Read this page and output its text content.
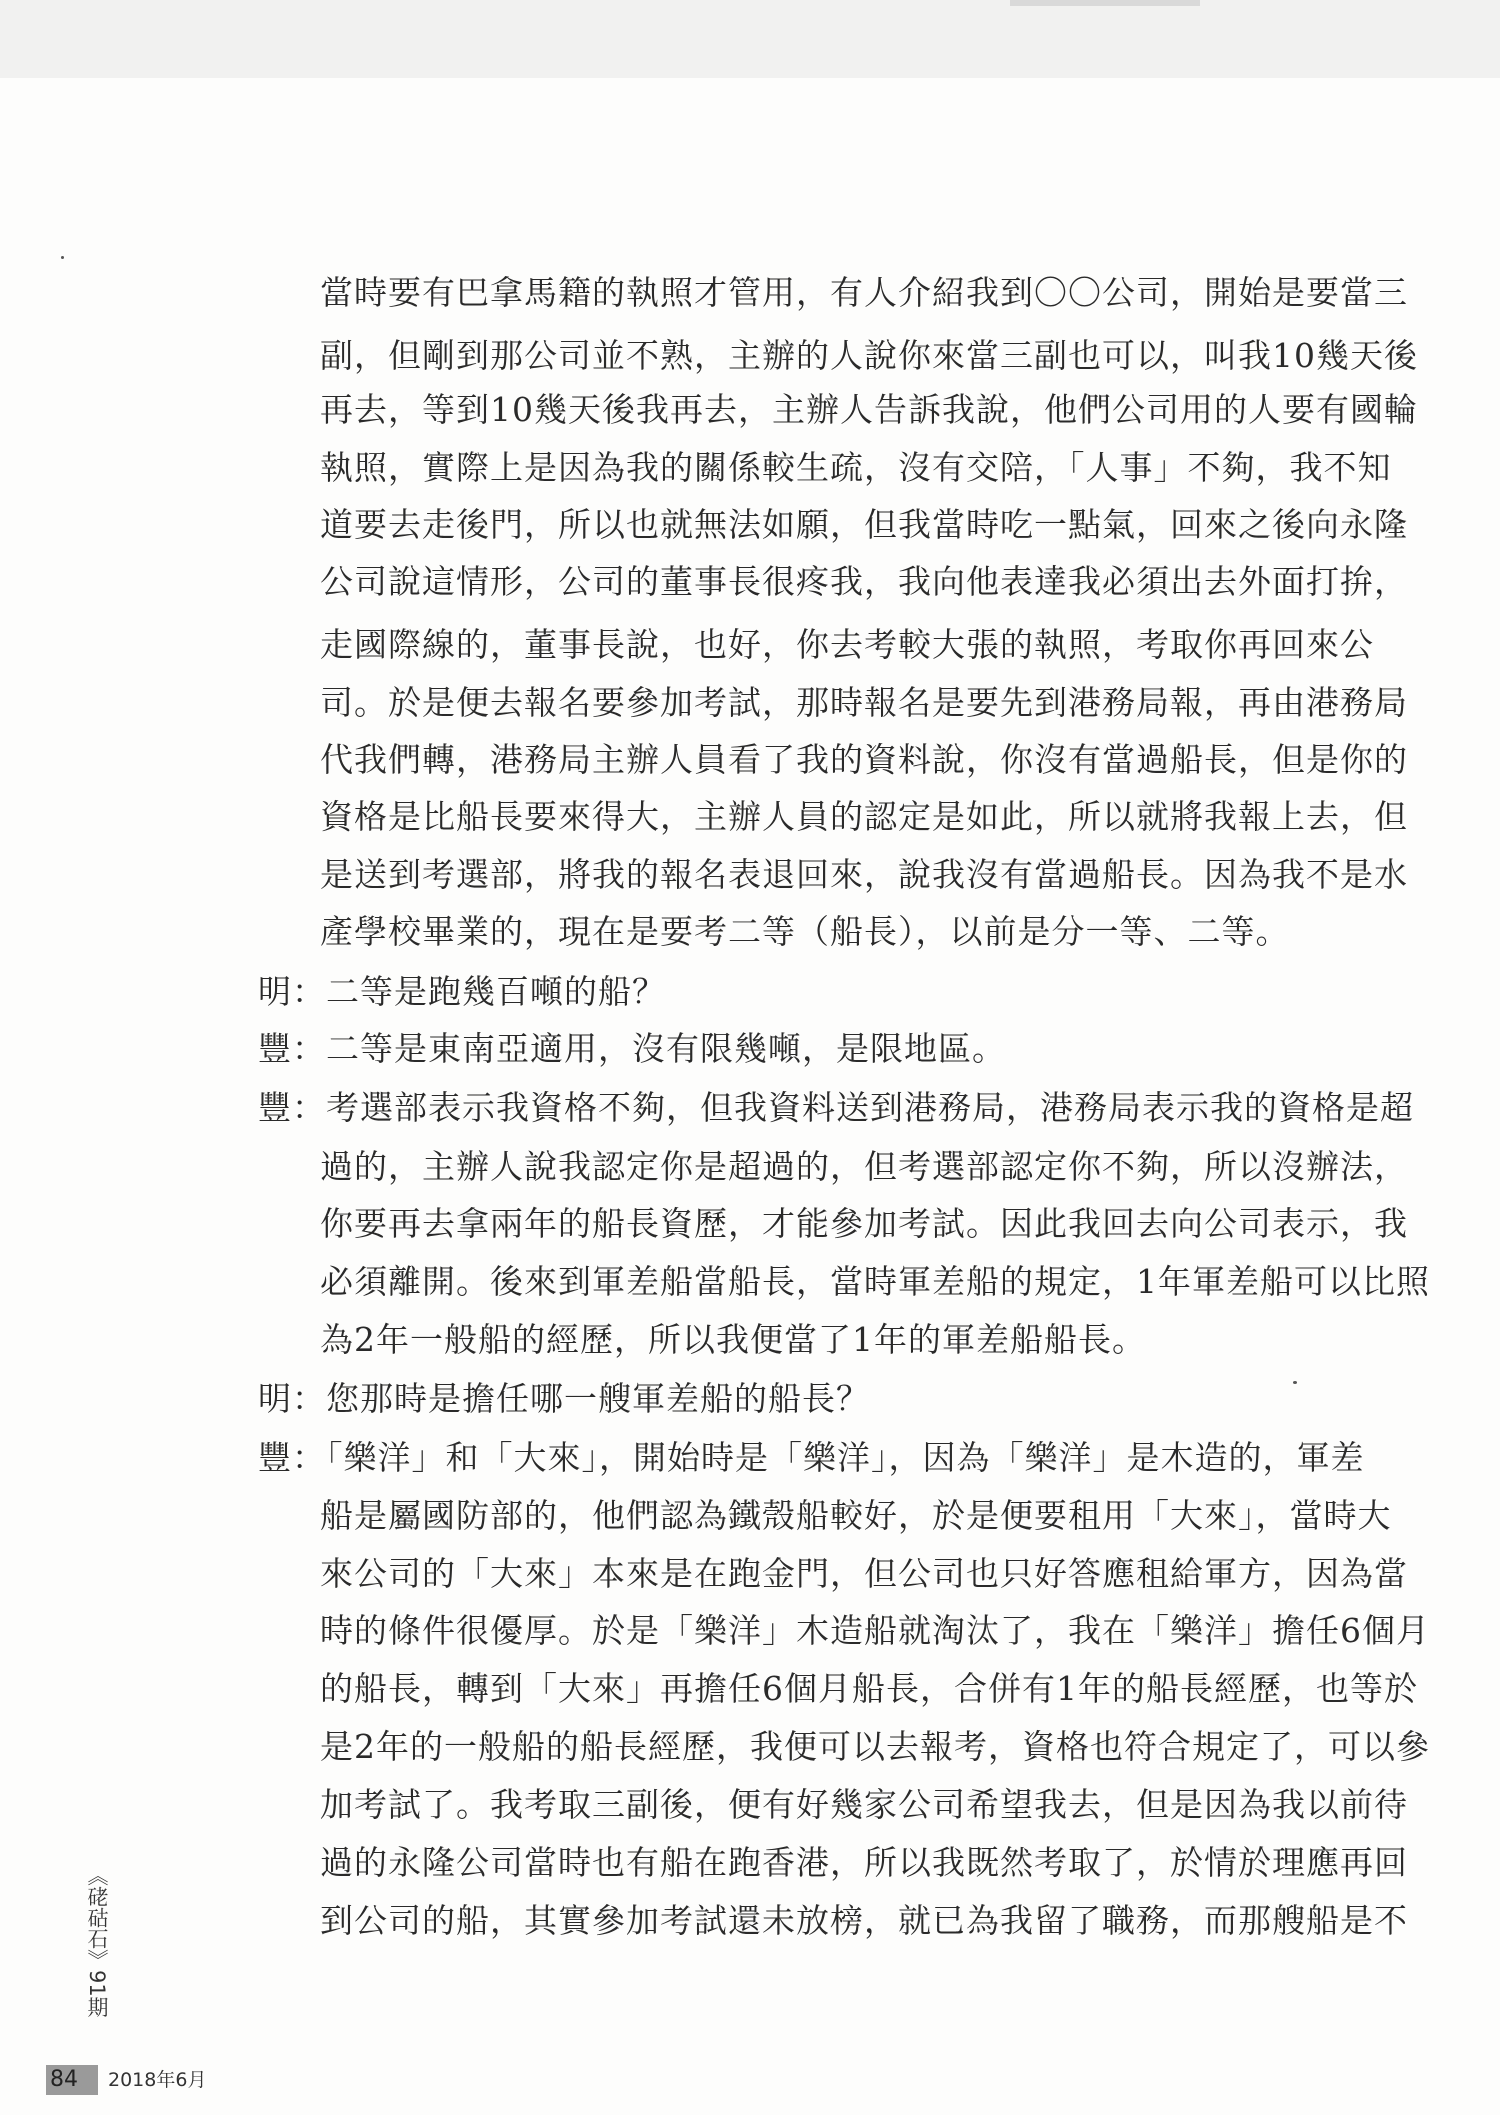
當時要有巴拿馬籍的執照才管用，有人介紹我到〇〇公司，開始是要當三
副，但剛到那公司並不熟，主辦的人說你來當三副也可以，叫我10幾天後
再去，等到10幾天後我再去，主辦人告訴我說，他們公司用的人要有國輪
執照，實際上是因為我的關係較生疏，沒有交陪，「人事」不夠，我不知
道要去走後門，所以也就無法如願，但我當時吃一點氣，回來之後向永隆
公司說這情形，公司的董事長很疼我，我向他表達我必須出去外面打拚，
走國際線的，董事長說，也好，你去考較大張的執照，考取你再回來公
司。於是便去報名要參加考試，那時報名是要先到港務局報，再由港務局
代我們轉，港務局主辦人員看了我的資料說，你沒有當過船長，但是你的
資格是比船長要來得大，主辦人員的認定是如此，所以就將我報上去，但
是送到考選部，將我的報名表退回來，說我沒有當過船長。因為我不是水
產學校畢業的，現在是要考二等（船長），以前是分一等、二等。
明：二等是跑幾百噸的船？
豐：二等是東南亞適用，沒有限幾噸，是限地區。
豐：考選部表示我資格不夠，但我資料送到港務局，港務局表示我的資格是超
過的，主辦人說我認定你是超過的，但考選部認定你不夠，所以沒辦法，
你要再去拿兩年的船長資歷，才能參加考試。因此我回去向公司表示，我
必須離開。後來到軍差船當船長，當時軍差船的規定，1年軍差船可以比照
為2年一般船的經歷，所以我便當了1年的軍差船船長。
明：您那時是擔任哪一艘軍差船的船長？
豐：「樂洋」和「大來」，開始時是「樂洋」，因為「樂洋」是木造的，軍差
船是屬國防部的，他們認為鐵殼船較好，於是便要租用「大來」，當時大
來公司的「大來」本來是在跑金門，但公司也只好答應租給軍方，因為當
時的條件很優厚。於是「樂洋」木造船就淘汰了，我在「樂洋」擔任6個月
的船長，轉到「大來」再擔任6個月船長，合併有1年的船長經歷，也等於
是2年的一般船的船長經歷，我便可以去報考，資格也符合規定了，可以參
加考試了。我考取三副後，便有好幾家公司希望我去，但是因為我以前待
過的永隆公司當時也有船在跑香港，所以我既然考取了，於情於理應再回
到公司的船，其實參加考試還未放榜，就已為我留了職務，而那艘船是不
《硓𥑮石》91期
84 2018年6月
